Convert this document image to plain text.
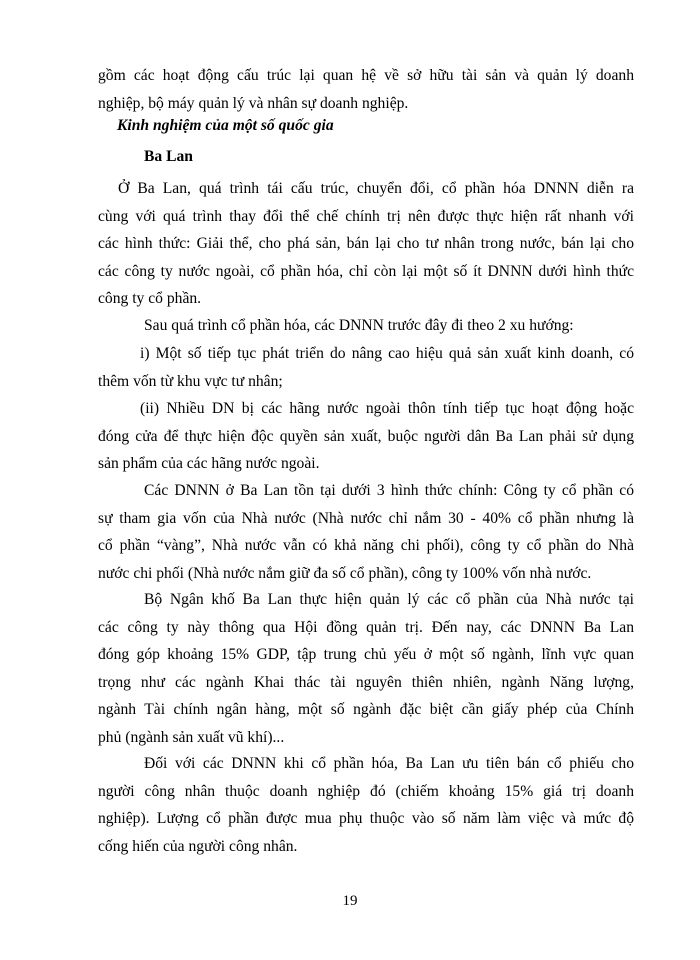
gồm các hoạt động cấu trúc lại quan hệ về sở hữu tài sản và quản lý doanh
nghiệp, bộ máy quản lý và nhân sự doanh nghiệp.
Kinh nghiệm của một số quốc gia
Ba Lan
Ở Ba Lan, quá trình tái cấu trúc, chuyển đổi, cổ phần hóa DNNN diễn ra
cùng với quá trình thay đổi thể chế chính trị nên được thực hiện rất nhanh với
các hình thức: Giải thể, cho phá sản, bán lại cho tư nhân trong nước, bán lại cho
các công ty nước ngoài, cổ phần hóa, chỉ còn lại một số ít DNNN dưới hình thức
công ty cổ phần.
Sau quá trình cổ phần hóa, các DNNN trước đây đi theo 2 xu hướng:
i) Một số tiếp tục phát triển do nâng cao hiệu quả sản xuất kinh doanh, có
thêm vốn từ khu vực tư nhân;
(ii) Nhiều DN bị các hãng nước ngoài thôn tính tiếp tục hoạt động hoặc
đóng cửa để thực hiện độc quyền sản xuất, buộc người dân Ba Lan phải sử dụng
sản phẩm của các hãng nước ngoài.
Các DNNN ở Ba Lan tồn tại dưới 3 hình thức chính: Công ty cổ phần có
sự tham gia vốn của Nhà nước (Nhà nước chỉ nắm 30 - 40% cổ phần nhưng là
cổ phần “vàng”, Nhà nước vẫn có khả năng chi phối), công ty cổ phần do Nhà
nước chi phối (Nhà nước nắm giữ đa số cổ phần), công ty 100% vốn nhà nước.
Bộ Ngân khố Ba Lan thực hiện quản lý các cổ phần của Nhà nước tại
các công ty này thông qua Hội đồng quản trị. Đến nay, các DNNN Ba Lan
đóng góp khoảng 15% GDP, tập trung chủ yếu ở một số ngành, lĩnh vực quan
trọng như các ngành Khai thác tài nguyên thiên nhiên, ngành Năng lượng,
ngành Tài chính ngân hàng, một số ngành đặc biệt cần giấy phép của Chính
phủ (ngành sản xuất vũ khí)...
Đối với các DNNN khi cổ phần hóa, Ba Lan ưu tiên bán cổ phiếu cho
người công nhân thuộc doanh nghiệp đó (chiếm khoảng 15% giá trị doanh
nghiệp). Lượng cổ phần được mua phụ thuộc vào số năm làm việc và mức độ
cống hiến của người công nhân.
19
